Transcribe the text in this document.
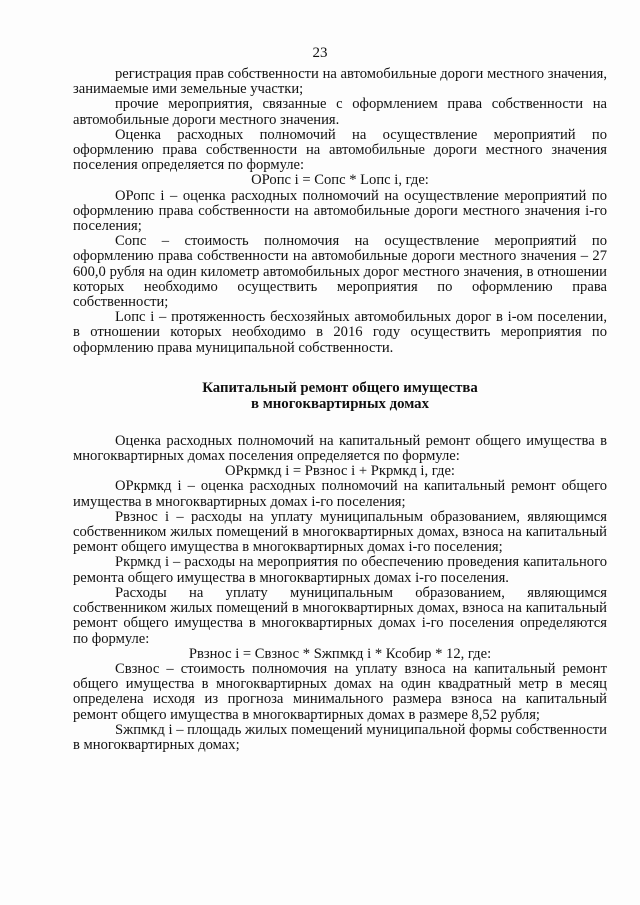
23

регистрация прав собственности на автомобильные дороги местного значения, занимаемые ими земельные участки;

прочие мероприятия, связанные с оформлением права собственности на автомобильные дороги местного значения.

Оценка расходных полномочий на осуществление мероприятий по оформлению права собственности на автомобильные дороги местного значения поселения определяется по формуле:

ОРопс i = Сопс * Lопс i, где:

ОРопс i – оценка расходных полномочий на осуществление мероприятий по оформлению права собственности на автомобильные дороги местного значения i-го поселения;

Сопс – стоимость полномочия на осуществление мероприятий по оформлению права собственности на автомобильные дороги местного значения – 27 600,0 рубля на один километр автомобильных дорог местного значения, в отношении которых необходимо осуществить мероприятия по оформлению права собственности;

Lопс i – протяженность бесхозяйных автомобильных дорог в i-ом поселении, в отношении которых необходимо в 2016 году осуществить мероприятия по оформлению права муниципальной собственности.

Капитальный ремонт общего имущества
в многоквартирных домах

Оценка расходных полномочий на капитальный ремонт общего имущества в многоквартирных домах поселения определяется по формуле:

ОРкрмкд i = Рвзнос i + Ркрмкд i, где:

ОРкрмкд i – оценка расходных полномочий на капитальный ремонт общего имущества в многоквартирных домах i-го поселения;

Рвзнос i – расходы на уплату муниципальным образованием, являющимся собственником жилых помещений в многоквартирных домах, взноса на капитальный ремонт общего имущества в многоквартирных домах i-го поселения;

Ркрмкд i – расходы на мероприятия по обеспечению проведения капитального ремонта общего имущества в многоквартирных домах i-го поселения.

Расходы на уплату муниципальным образованием, являющимся собственником жилых помещений в многоквартирных домах, взноса на капитальный ремонт общего имущества в многоквартирных домах i-го поселения определяются по формуле:

Рвзнос i = Свзнос * Sжпмкд i * Ксобир * 12, где:

Свзнос – стоимость полномочия на уплату взноса на капитальный ремонт общего имущества в многоквартирных домах на один квадратный метр в месяц определена исходя из прогноза минимального размера взноса на капитальный ремонт общего имущества в многоквартирных домах в размере 8,52 рубля;

Sжпмкд i – площадь жилых помещений муниципальной формы собственности в многоквартирных домах;
